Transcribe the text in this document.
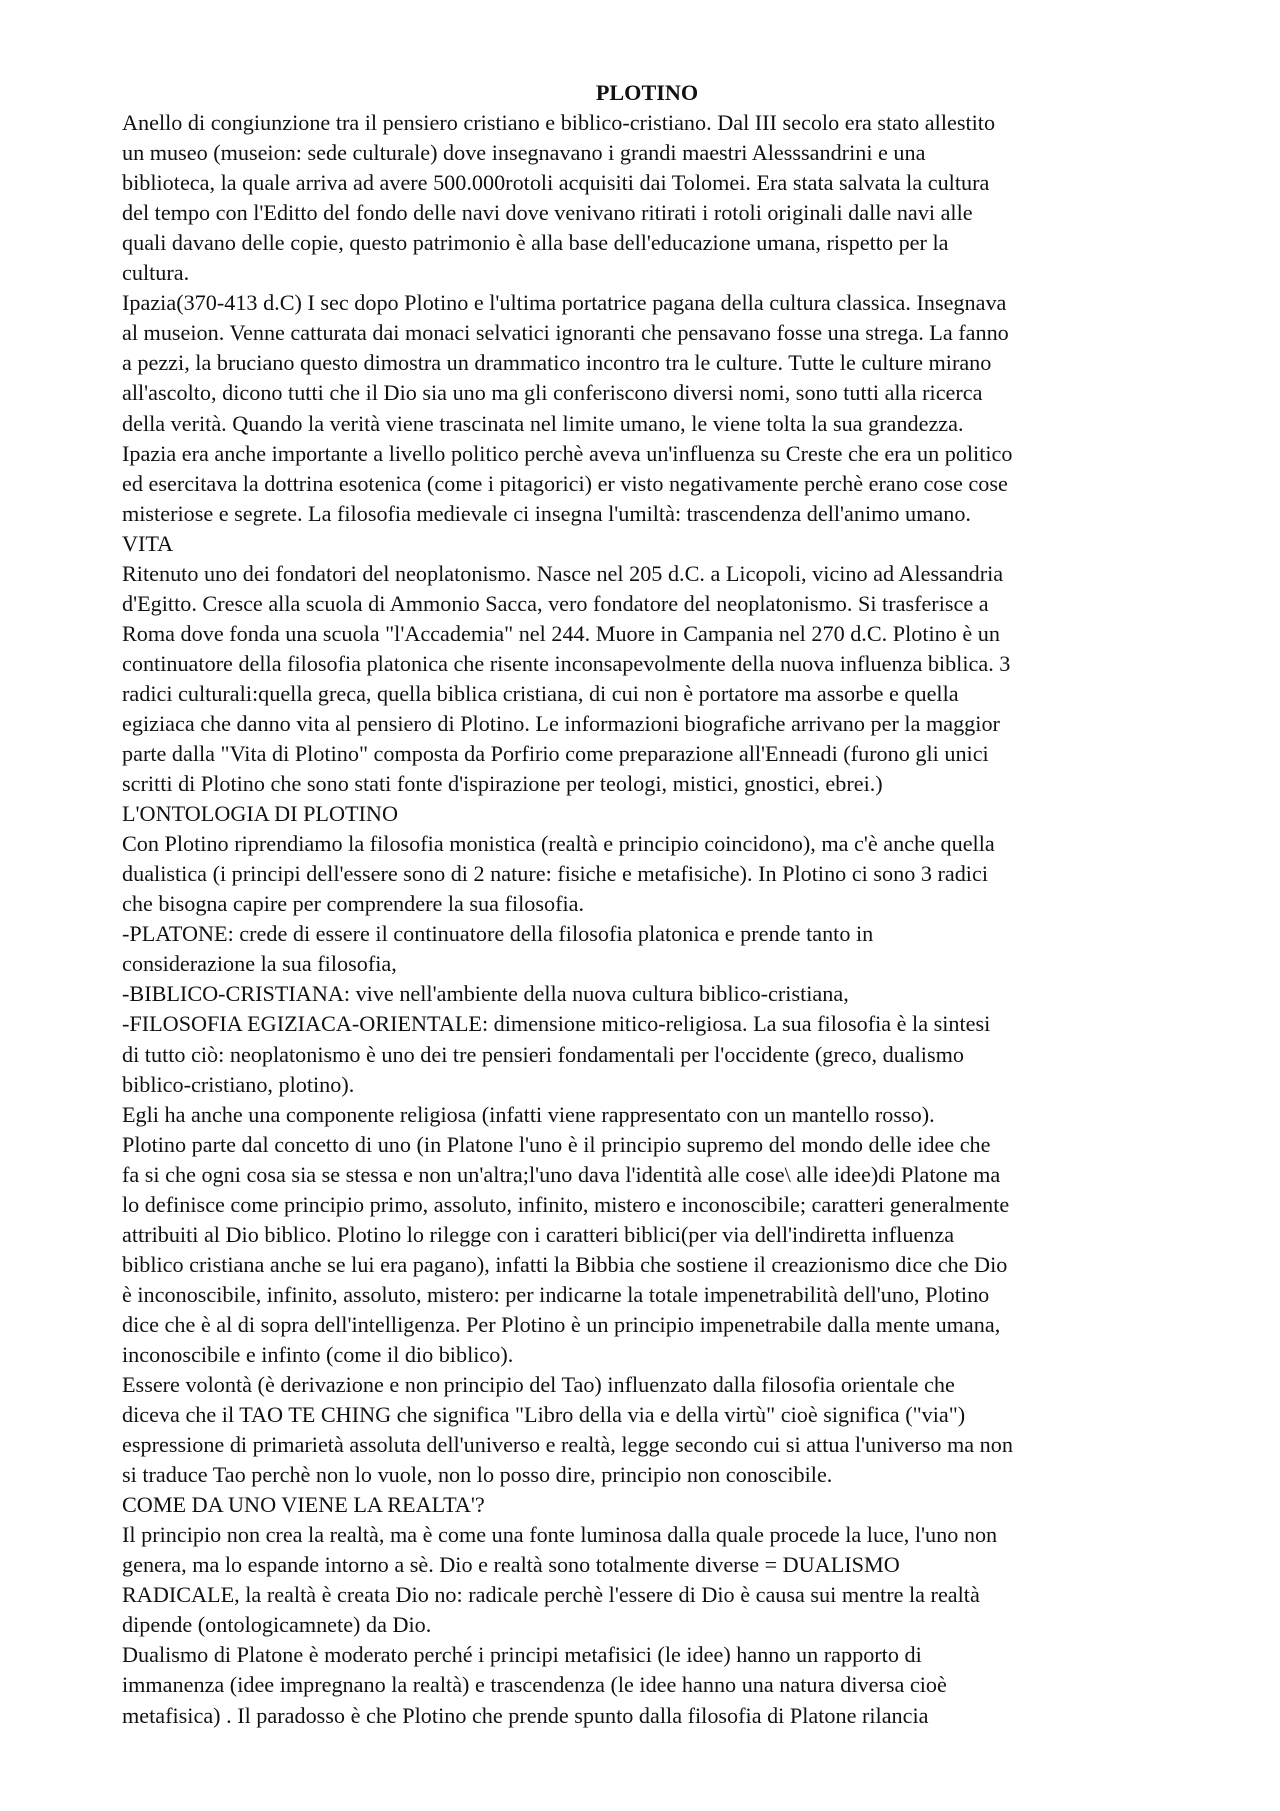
PLOTINO
Anello di congiunzione tra il pensiero cristiano e biblico-cristiano. Dal III secolo era stato allestito
un museo (museion: sede culturale) dove insegnavano i grandi maestri Alesssandrini e una
biblioteca, la quale arriva ad avere 500.000rotoli acquisiti dai Tolomei. Era stata salvata la cultura
del tempo con l'Editto del fondo delle navi dove venivano ritirati i rotoli originali dalle navi alle
quali davano delle copie, questo patrimonio è alla base dell'educazione umana, rispetto per la
cultura.
Ipazia(370-413 d.C) I sec dopo Plotino e l'ultima portatrice pagana della cultura classica. Insegnava
al museion. Venne catturata dai monaci selvatici ignoranti che pensavano fosse una strega. La fanno
a pezzi, la bruciano questo dimostra un drammatico incontro tra le culture. Tutte le culture mirano
all'ascolto, dicono tutti che il Dio sia uno ma gli conferiscono diversi nomi, sono tutti alla ricerca
della verità. Quando la verità viene trascinata nel limite umano, le viene tolta la sua grandezza.
Ipazia era anche importante a livello politico perchè aveva un'influenza su Creste che era un politico
ed esercitava la dottrina esotenica (come i pitagorici) er visto negativamente perchè erano cose cose
misteriose e segrete. La filosofia medievale ci insegna l'umiltà: trascendenza dell'animo umano.
VITA
Ritenuto uno dei fondatori del neoplatonismo. Nasce nel 205 d.C. a Licopoli, vicino ad Alessandria
d'Egitto. Cresce alla scuola di Ammonio Sacca, vero fondatore del neoplatonismo. Si trasferisce a
Roma dove fonda una scuola "l'Accademia" nel 244. Muore in Campania nel 270 d.C. Plotino è un
continuatore della filosofia platonica che risente inconsapevolmente della nuova influenza biblica. 3
radici culturali:quella greca, quella biblica cristiana, di cui non è portatore ma assorbe e quella
egiziaca che danno vita al pensiero di Plotino. Le informazioni biografiche arrivano per la maggior
parte dalla "Vita di Plotino" composta da Porfirio come preparazione all'Enneadi (furono gli unici
scritti di Plotino che sono stati fonte d'ispirazione per teologi, mistici, gnostici, ebrei.)
L'ONTOLOGIA DI PLOTINO
Con Plotino riprendiamo la filosofia monistica (realtà e principio coincidono), ma c'è anche quella
dualistica (i principi dell'essere sono di 2 nature: fisiche e metafisiche). In Plotino ci sono 3 radici
che bisogna capire per comprendere la sua filosofia.
-PLATONE: crede di essere il continuatore della filosofia platonica e prende tanto in
considerazione la sua filosofia,
-BIBLICO-CRISTIANA: vive nell'ambiente della nuova cultura biblico-cristiana,
-FILOSOFIA EGIZIACA-ORIENTALE: dimensione mitico-religiosa. La sua filosofia è la sintesi
di tutto ciò: neoplatonismo è uno dei tre pensieri fondamentali per l'occidente (greco, dualismo
biblico-cristiano, plotino).
Egli ha anche una componente religiosa (infatti viene rappresentato con un mantello rosso).
Plotino parte dal concetto di uno (in Platone l'uno è il principio supremo del mondo delle idee che
fa si che ogni cosa sia se stessa e non un'altra;l'uno dava l'identità alle cose\ alle idee)di Platone ma
lo definisce come principio primo, assoluto, infinito, mistero e inconoscibile; caratteri generalmente
attribuiti al Dio biblico. Plotino lo rilegge con i caratteri biblici(per via dell'indiretta influenza
biblico cristiana anche se lui era pagano), infatti la Bibbia che sostiene il creazionismo dice che Dio
è inconoscibile, infinito, assoluto, mistero: per indicarne la totale impenetrabilità dell'uno, Plotino
dice che è al di sopra dell'intelligenza. Per Plotino è un principio impenetrabile dalla mente umana,
inconoscibile e infinto (come il dio biblico).
Essere volontà (è derivazione e non principio del Tao) influenzato dalla filosofia orientale che
diceva che il TAO TE CHING che significa "Libro della via e della virtù" cioè significa ("via")
espressione di primarietà assoluta dell'universo e realtà, legge secondo cui si attua l'universo ma non
si traduce Tao perchè non lo vuole, non lo posso dire, principio non conoscibile.
COME DA UNO VIENE LA REALTA'?
Il principio non crea la realtà, ma è come una fonte luminosa dalla quale procede la luce, l'uno non
genera, ma lo espande intorno a sè. Dio e realtà sono totalmente diverse = DUALISMO
RADICALE, la realtà è creata Dio no: radicale perchè l'essere di Dio è causa sui mentre la realtà
dipende (ontologicamnete) da Dio.
Dualismo di Platone è moderato perché i principi metafisici (le idee) hanno un rapporto di
immanenza (idee impregnano la realtà) e trascendenza (le idee hanno una natura diversa cioè
metafisica) . Il paradosso è che Plotino che prende spunto dalla filosofia di Platone rilancia
